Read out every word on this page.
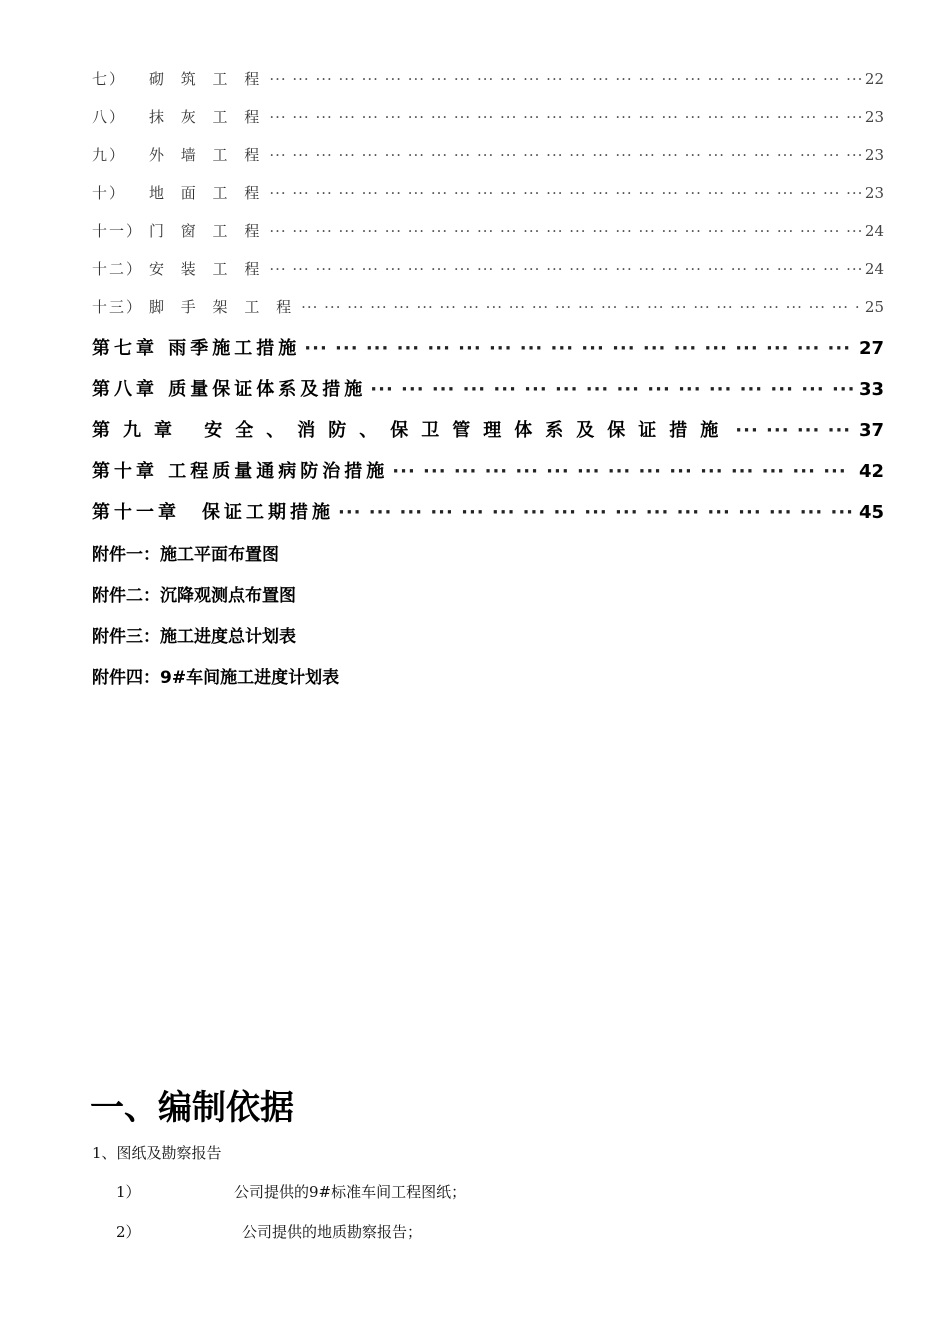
七）	砌 筑 工 程 ··· ·	22
八）	抹 灰 工 程 ··· ·	23
九）	外 墙 工 程 ··· ·	23
十）	地 面 工 程 ··· ·	23
十一） 门 窗 工 程 ··· ·	24
十二） 安 装 工 程 ··· ·	24
十三） 脚 手 架 工 程 ··· ·	25
第七章 雨季施工措施 ··· ·	27
第八章 质量保证体系及措施 ··· ·	33
第九章 安全、消防、保卫管理体系及保证措施 ··· ·	37
第十章 工程质量通病防治措施 ··· ·	42
第十一章　保证工期措施 ··· ·	45
附件一：施工平面布置图
附件二：沉降观测点布置图
附件三：施工进度总计划表
附件四：9#车间施工进度计划表
一、编制依据
1、图纸及勘察报告
1）	公司提供的9#标准车间工程图纸；
2）	公司提供的地质勘察报告；
